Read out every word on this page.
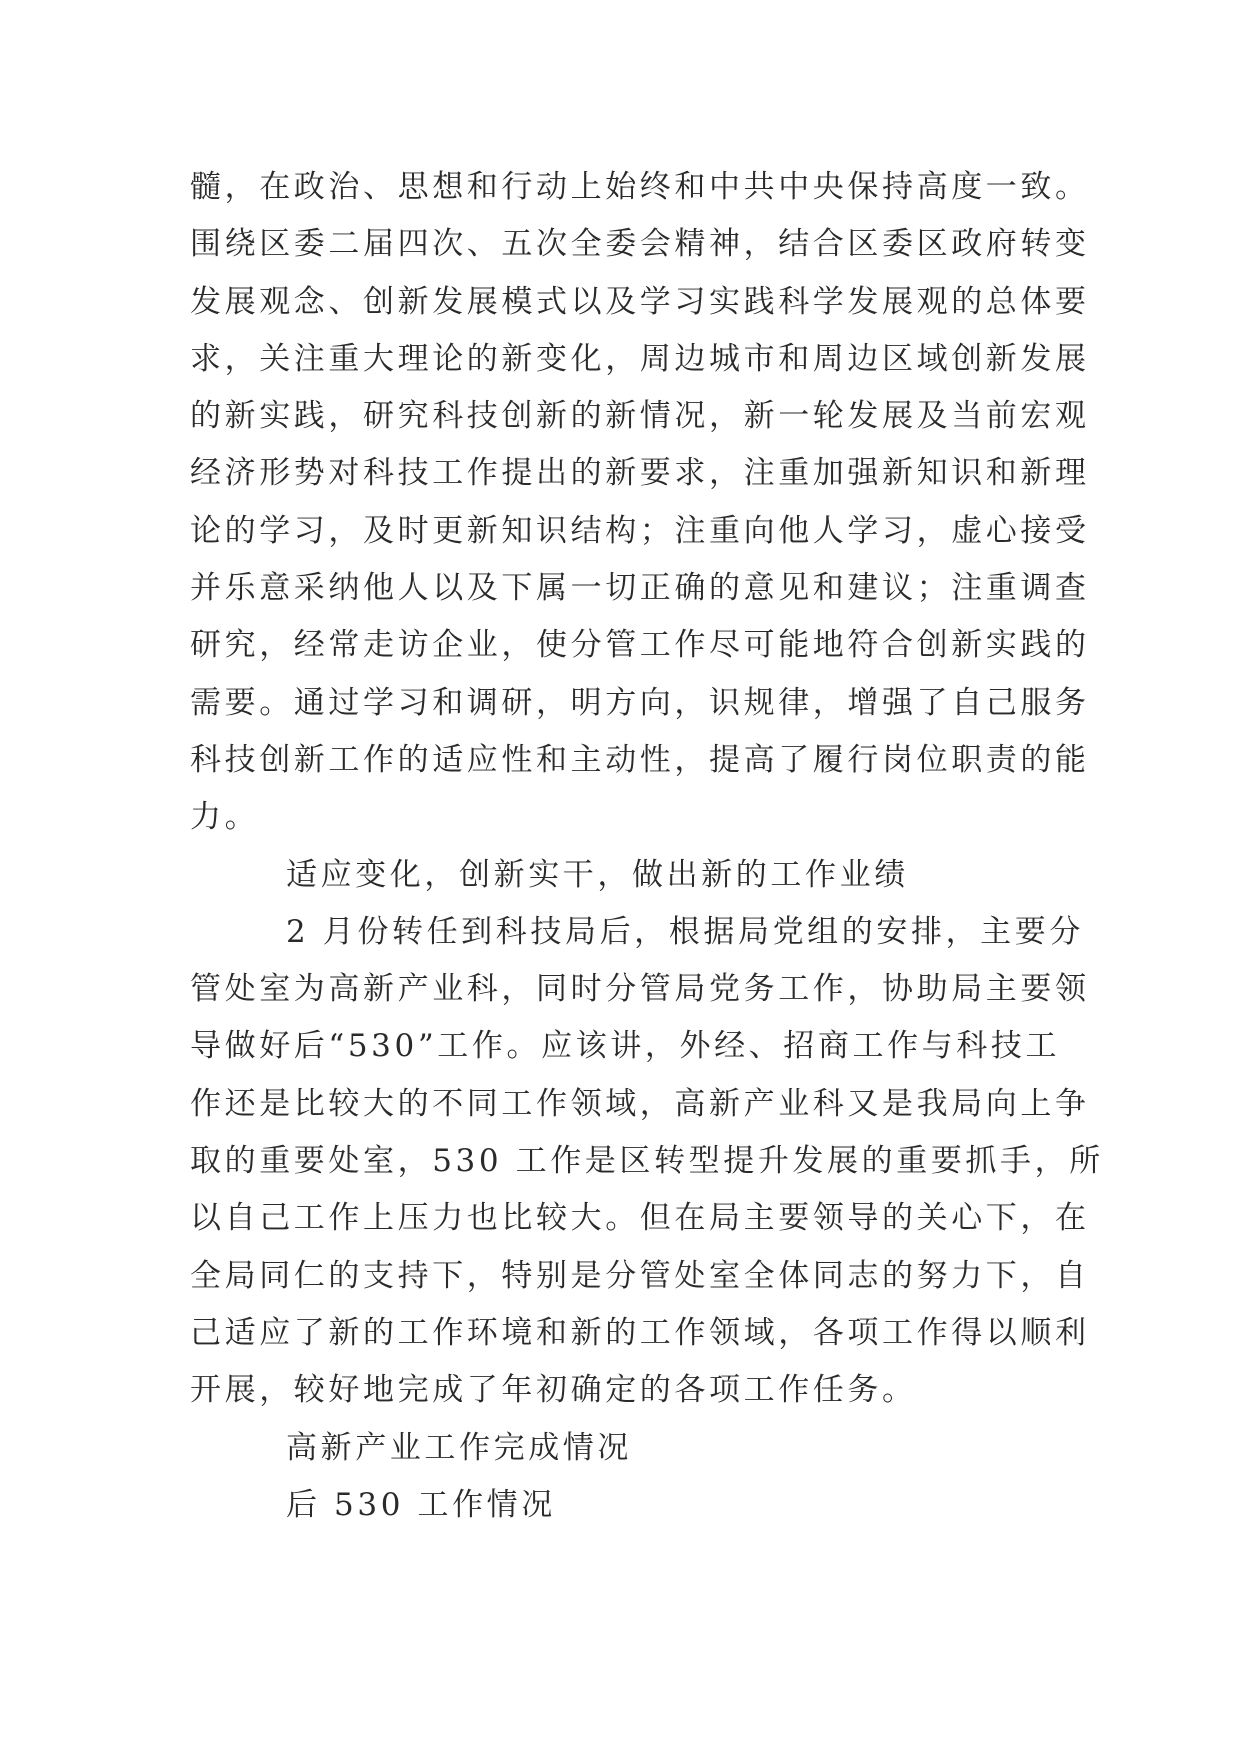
髓，在政治、思想和行动上始终和中共中央保持高度一致。
围绕区委二届四次、五次全委会精神，结合区委区政府转变
发展观念、创新发展模式以及学习实践科学发展观的总体要
求，关注重大理论的新变化，周边城市和周边区域创新发展
的新实践，研究科技创新的新情况，新一轮发展及当前宏观
经济形势对科技工作提出的新要求，注重加强新知识和新理
论的学习，及时更新知识结构；注重向他人学习，虚心接受
并乐意采纳他人以及下属一切正确的意见和建议；注重调查
研究，经常走访企业，使分管工作尽可能地符合创新实践的
需要。通过学习和调研，明方向，识规律，增强了自己服务
科技创新工作的适应性和主动性，提高了履行岗位职责的能
力。
适应变化，创新实干，做出新的工作业绩
2 月份转任到科技局后，根据局党组的安排，主要分
管处室为高新产业科，同时分管局党务工作，协助局主要领
导做好后“530”工作。应该讲，外经、招商工作与科技工
作还是比较大的不同工作领域，高新产业科又是我局向上争
取的重要处室，530 工作是区转型提升发展的重要抓手，所
以自己工作上压力也比较大。但在局主要领导的关心下，在
全局同仁的支持下，特别是分管处室全体同志的努力下，自
己适应了新的工作环境和新的工作领域，各项工作得以顺利
开展，较好地完成了年初确定的各项工作任务。
高新产业工作完成情况
后 530 工作情况
